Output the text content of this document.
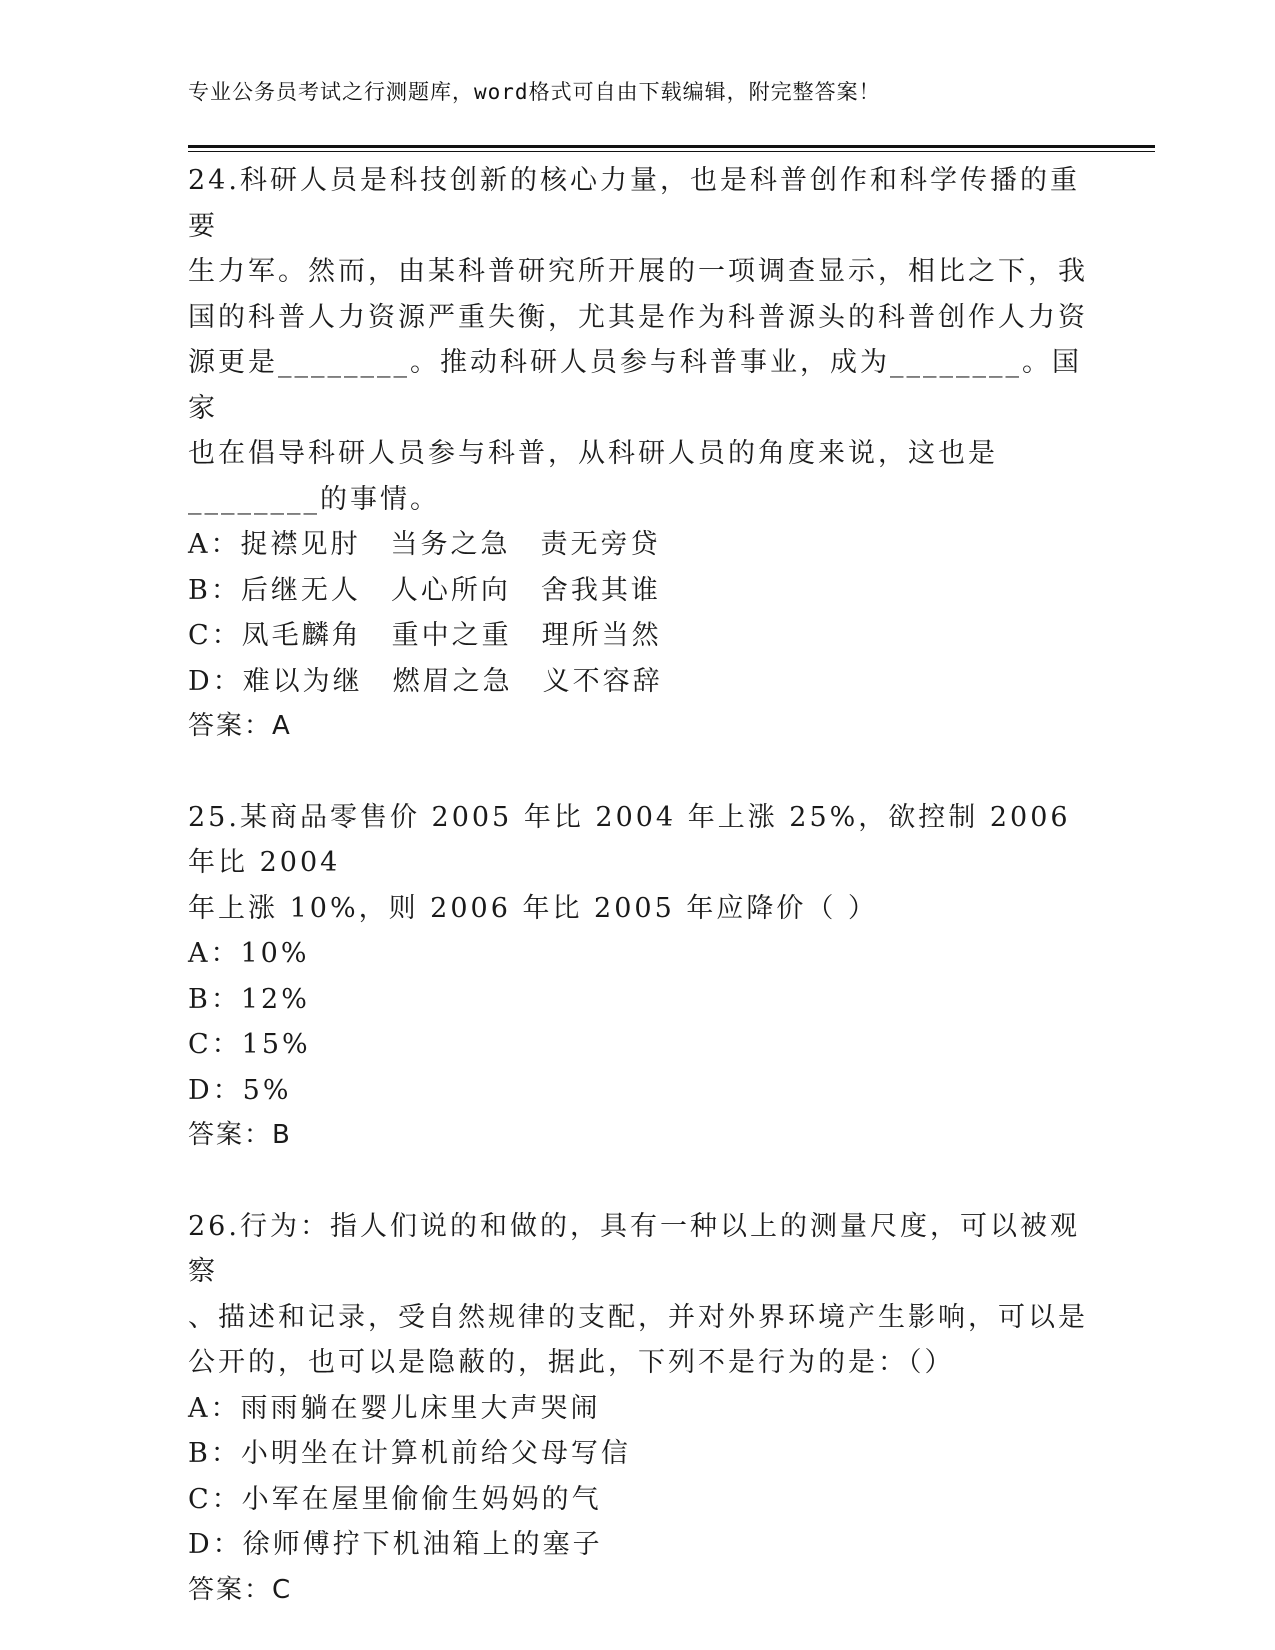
专业公务员考试之行测题库，word格式可自由下载编辑，附完整答案！

24.科研人员是科技创新的核心力量，也是科普创作和科学传播的重要

生力军。然而，由某科普研究所开展的一项调查显示，相比之下，我

国的科普人力资源严重失衡，尤其是作为科普源头的科普创作人力资

源更是________。推动科研人员参与科普事业，成为________。国家

也在倡导科研人员参与科普，从科研人员的角度来说，这也是

________的事情。

A：捉襟见肘　当务之急　责无旁贷

B：后继无人　人心所向　舍我其谁

C：凤毛麟角　重中之重　理所当然

D：难以为继　燃眉之急　义不容辞

答案：A

25.某商品零售价 2005 年比 2004 年上涨 25%，欲控制 2006 年比 2004

年上涨 10%，则 2006 年比 2005 年应降价（ ）

A：10%

B：12%

C：15%

D：5%

答案：B

26.行为：指人们说的和做的，具有一种以上的测量尺度，可以被观察

、描述和记录，受自然规律的支配，并对外界环境产生影响，可以是

公开的，也可以是隐蔽的，据此，下列不是行为的是：（）

A：雨雨躺在婴儿床里大声哭闹

B：小明坐在计算机前给父母写信

C：小军在屋里偷偷生妈妈的气

D：徐师傅拧下机油箱上的塞子

答案：C
